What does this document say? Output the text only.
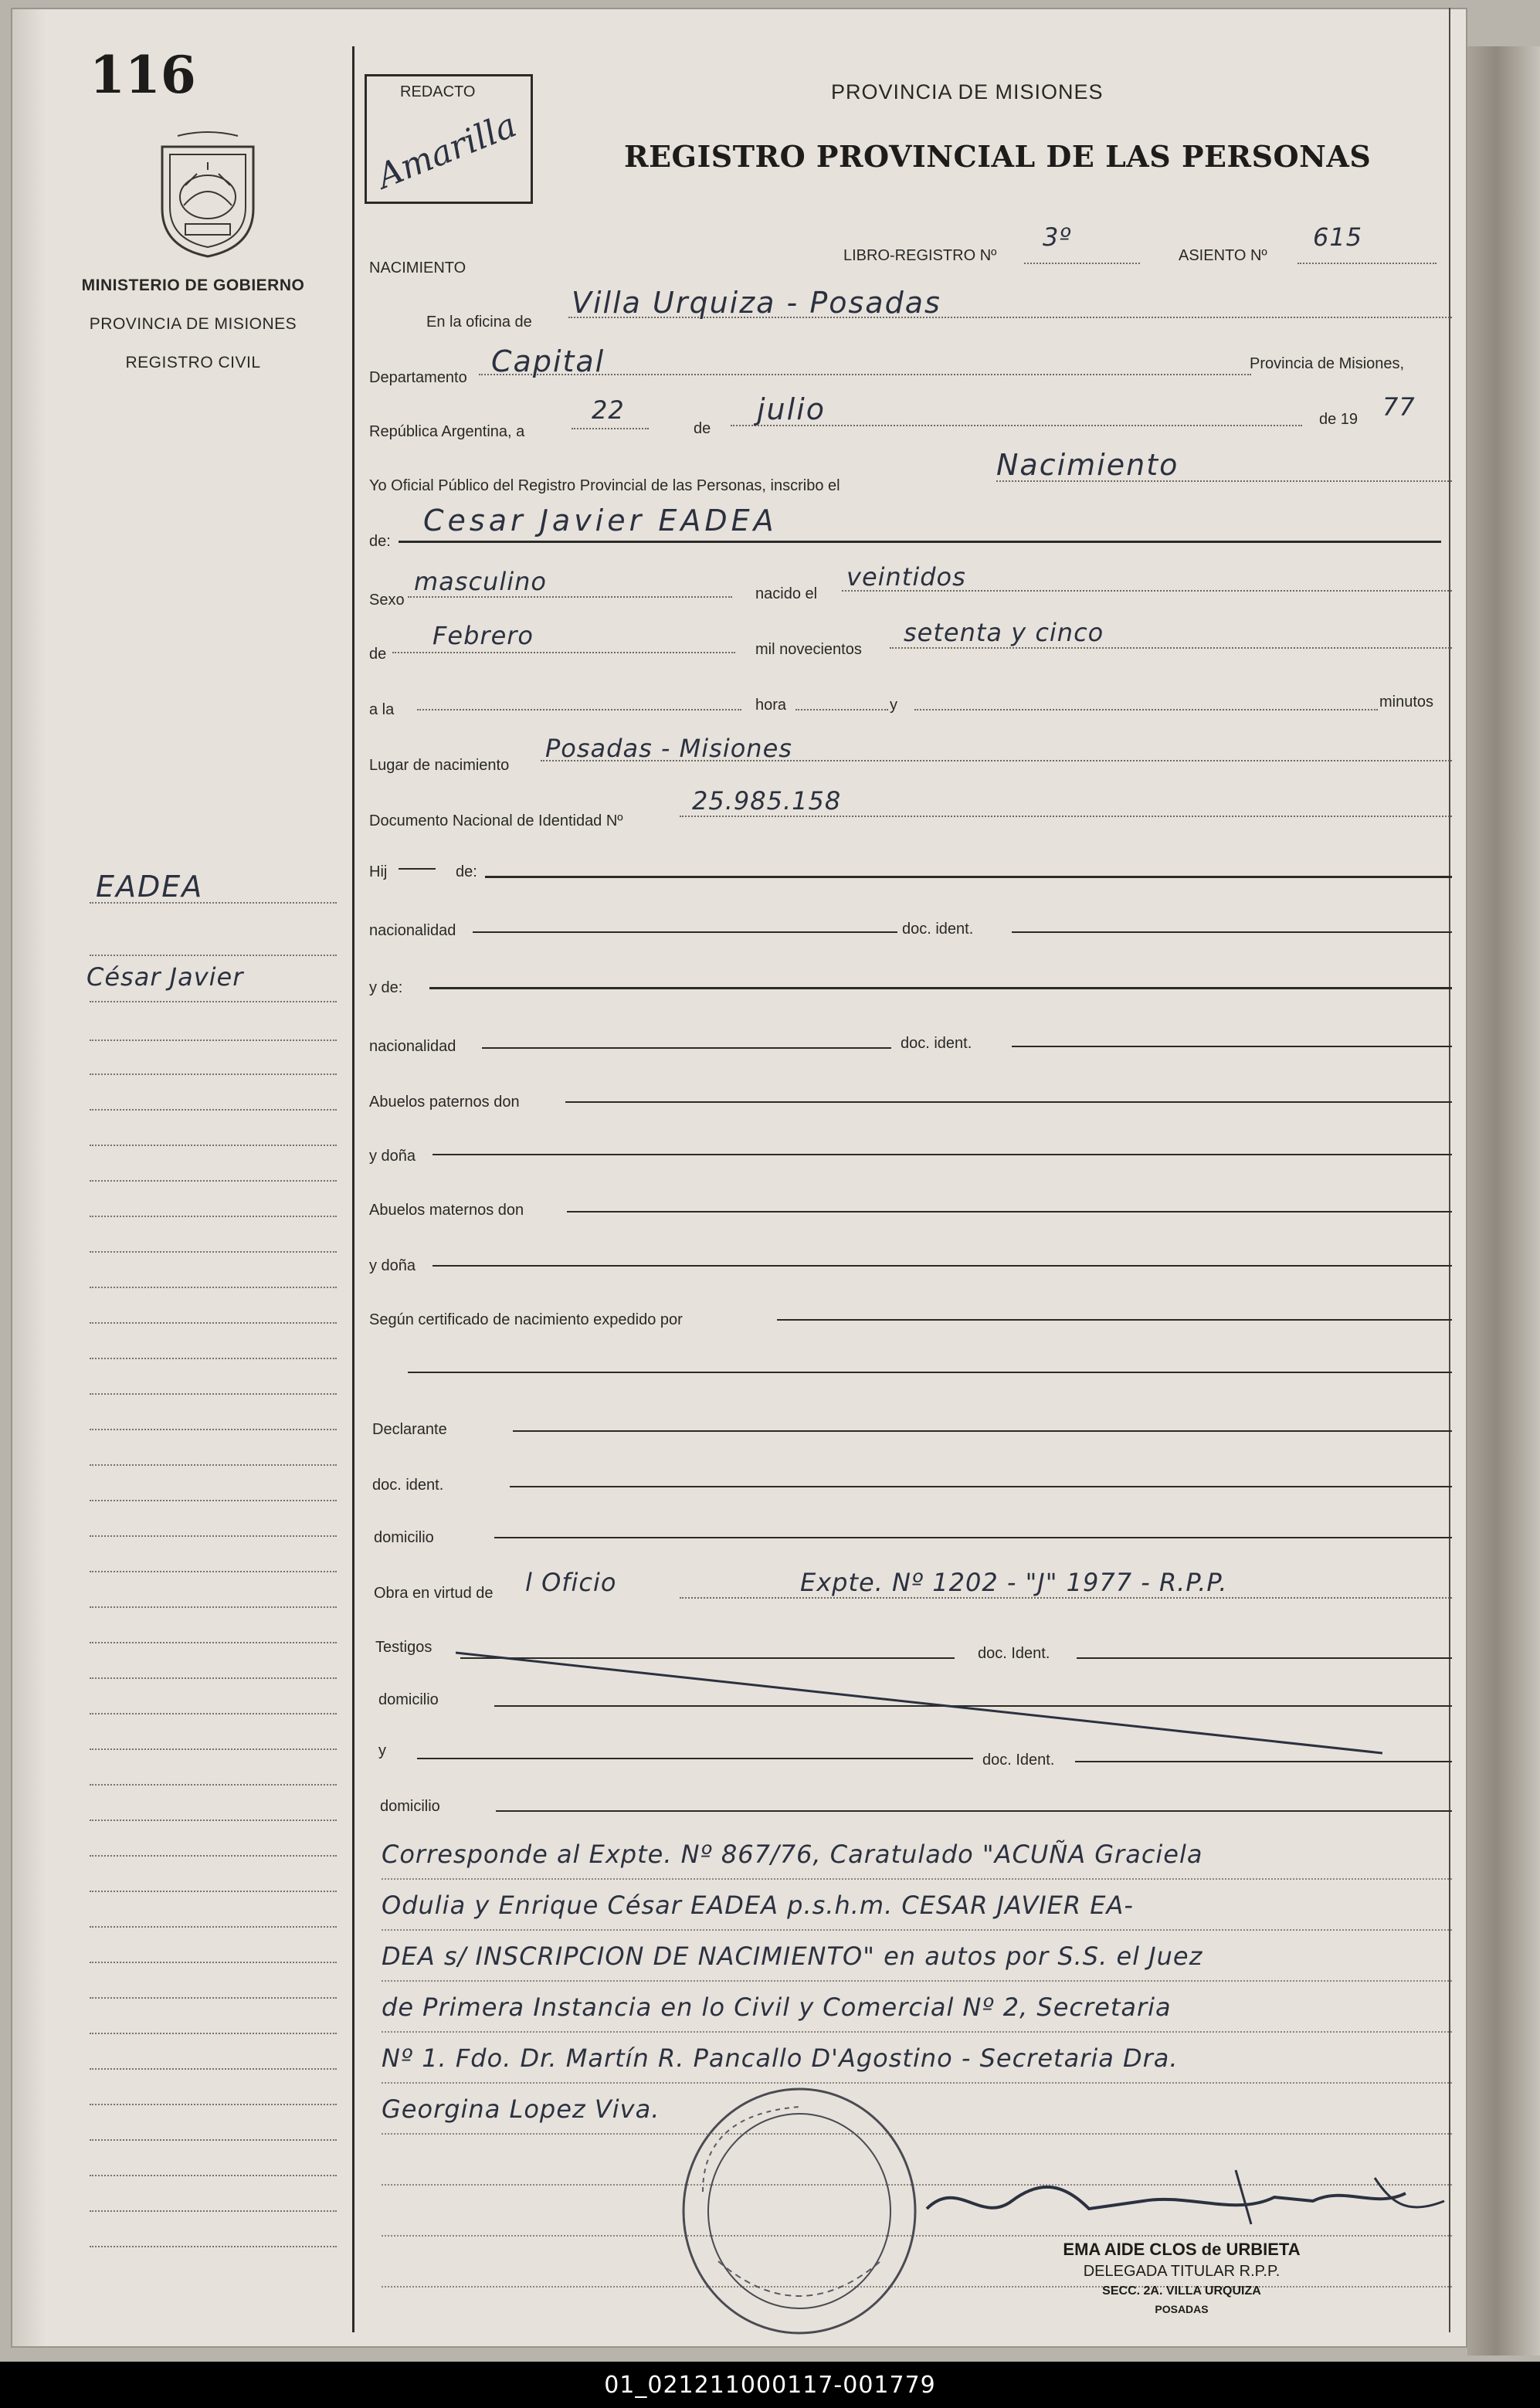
116
MINISTERIO DE GOBIERNO
PROVINCIA DE MISIONES
REGISTRO CIVIL
EADEA
César Javier
REDACTO
Amarilla
PROVINCIA DE MISIONES
REGISTRO PROVINCIAL DE LAS PERSONAS
NACIMIENTO
LIBRO-REGISTRO Nº
3º
ASIENTO Nº
615
En la oficina de
Villa Urquiza - Posadas
Departamento Capital	Provincia de Misiones,
República Argentina, a
22
de
julio	de 19 77
Yo Oficial Público del Registro Provincial de las Personas, inscribo el
Nacimiento
de:
Cesar Javier EADEA
Sexo
masculino	nacido el
veintidos
de
Febrero	mil novecientos
setenta y cinco
a la	hora	y	minutos
Lugar de nacimiento
Posadas - Misiones
Documento Nacional de Identidad Nº
25.985.158
Hij	de:
nacionalidad	doc. ident.
y de:
nacionalidad	doc. ident.
Abuelos paternos don
y doña
Abuelos maternos don
y doña
Según certificado de nacimiento expedido por
Declarante
doc. ident.
domicilio
Obra en virtud de l Oficio	Expte. Nº 1202 - "J" 1977 - R.P.P.
Testigos	doc. Ident.
domicilio
y
doc. Ident.
domicilio
Corresponde al Expte. Nº 867/76, Caratulado "ACUÑA Graciela
Odulia y Enrique César EADEA p.s.h.m. CESAR JAVIER EA-
DEA s/ INSCRIPCION DE NACIMIENTO" en autos por S.S. el Juez
de Primera Instancia en lo Civil y Comercial Nº 2, Secretaria
Nº 1. Fdo. Dr. Martín R. Pancallo D'Agostino - Secretaria Dra.
Georgina Lopez Viva.
EMA AIDE CLOS de URBIETA
DELEGADA TITULAR R.P.P.
SECC. 2A. VILLA URQUIZA
POSADAS
01_021211000117-001779
